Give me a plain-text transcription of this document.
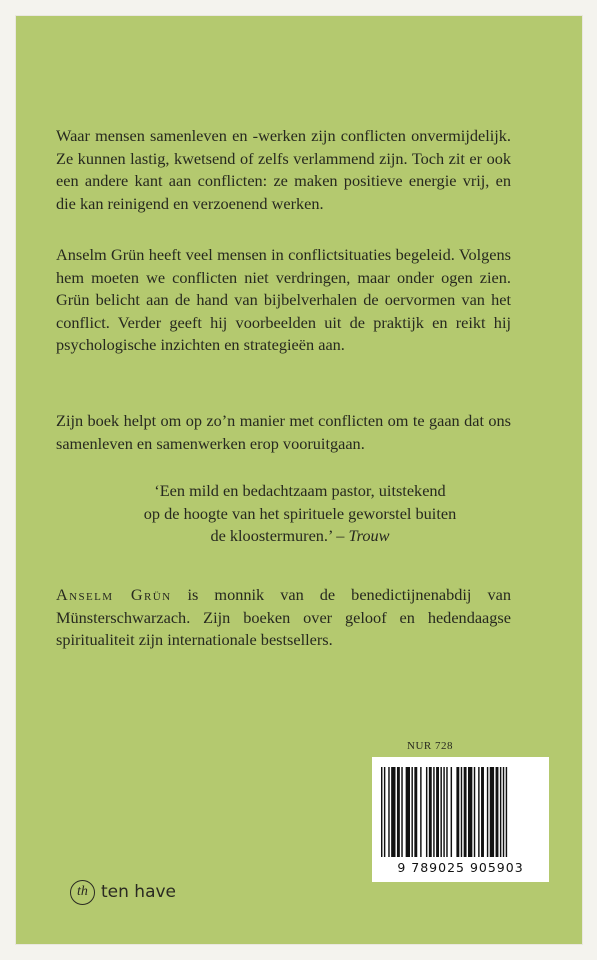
Waar mensen samenleven en -werken zijn conflicten onvermijdelijk. Ze kunnen lastig, kwetsend of zelfs verlammend zijn. Toch zit er ook een andere kant aan conflicten: ze maken positieve energie vrij, en die kan reinigend en verzoenend werken.

Anselm Grün heeft veel mensen in conflictsituaties begeleid. Volgens hem moeten we conflicten niet verdringen, maar onder ogen zien. Grün belicht aan de hand van bijbelverhalen de oervormen van het conflict. Verder geeft hij voorbeelden uit de praktijk en reikt hij psychologische inzichten en strategieën aan.

Zijn boek helpt om op zo’n manier met conflicten om te gaan dat ons samenleven en samenwerken erop vooruitgaan.

‘Een mild en bedachtzaam pastor, uitstekend
op de hoogte van het spirituele geworstel buiten
de kloostermuren.’ – Trouw

Anselm Grün is monnik van de benedictijnenabdij van Münsterschwarzach. Zijn boeken over geloof en hedendaagse spiritualiteit zijn internationale bestsellers.

NUR 728
9 789025 905903
th ten have
